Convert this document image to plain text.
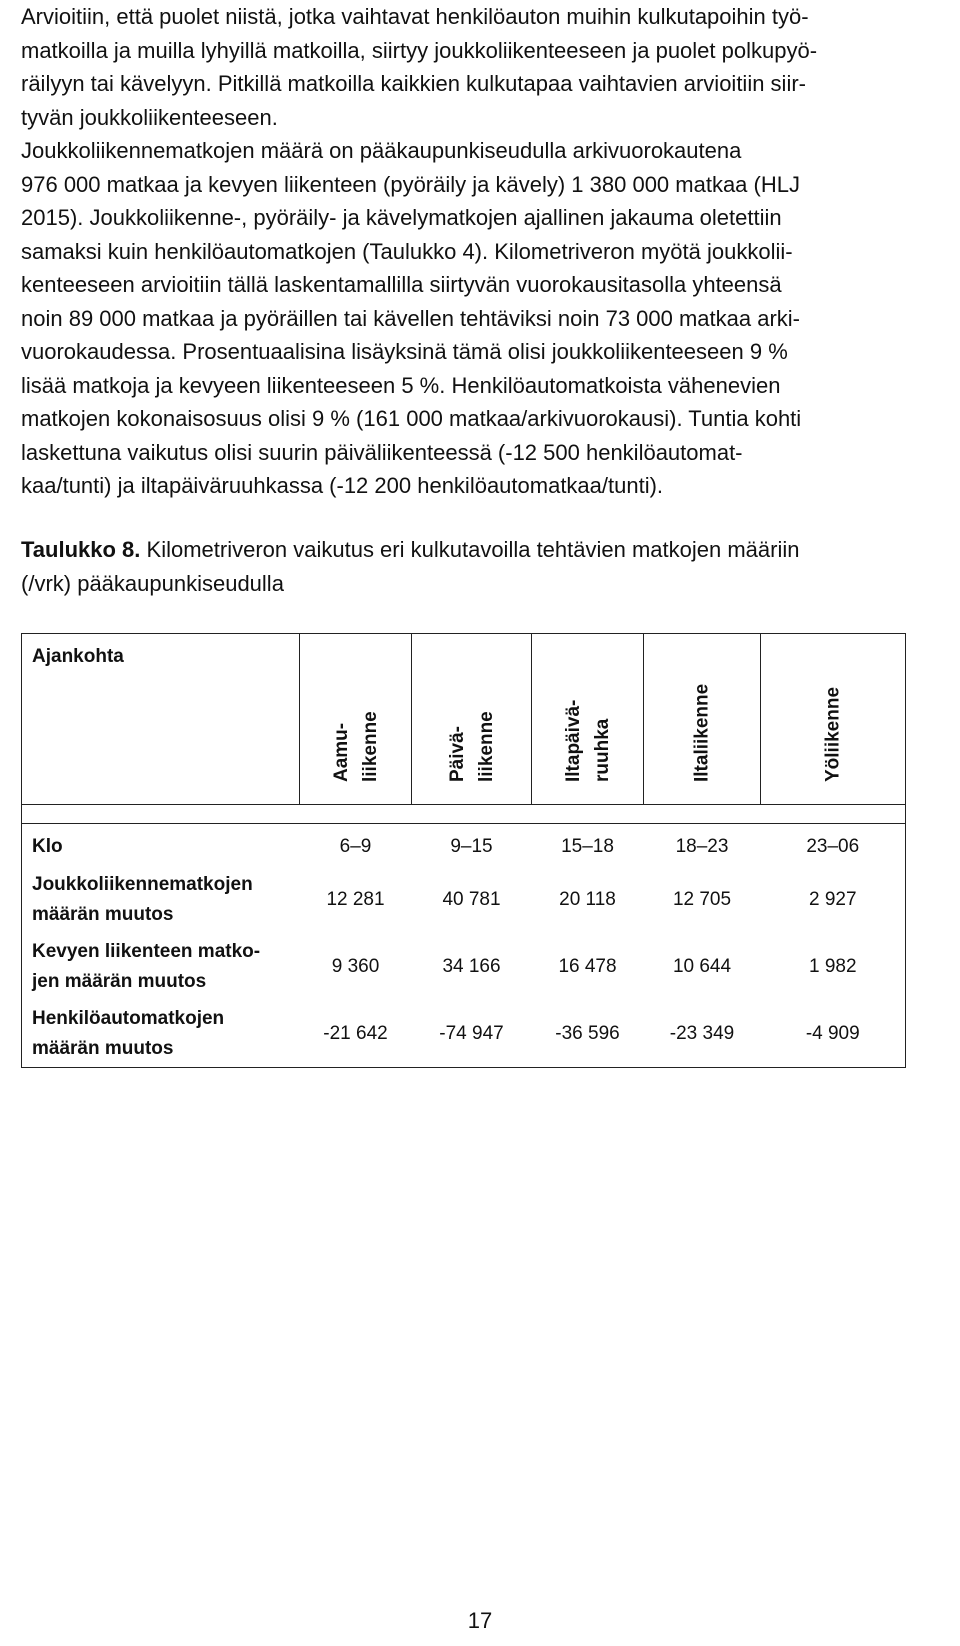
Arvioitiin, että puolet niistä, jotka vaihtavat henkilöauton muihin kulkutapoihin työ-
matkoilla ja muilla lyhyillä matkoilla, siirtyy joukkoliikenteeseen ja puolet polkupyö-
räilyyn tai kävelyyn. Pitkillä matkoilla kaikkien kulkutapaa vaihtavien arvioitiin siir-
tyvän joukkoliikenteeseen.

Joukkoliikennematkojen määrä on pääkaupunkiseudulla arkivuorokautena
976 000 matkaa ja kevyen liikenteen (pyöräily ja kävely) 1 380 000 matkaa (HLJ
2015). Joukkoliikenne-, pyöräily- ja kävelymatkojen ajallinen jakauma oletettiin
samaksi kuin henkilöautomatkojen (Taulukko 4). Kilometriveron myötä joukkolii-
kenteeseen arvioitiin tällä laskentamallilla siirtyvän vuorokausitasolla yhteensä
noin 89 000 matkaa ja pyöräillen tai kävellen tehtäviksi noin 73 000 matkaa arki-
vuorokaudessa. Prosentuaalisina lisäyksinä tämä olisi joukkoliikenteeseen 9 %
lisää matkoja ja kevyeen liikenteeseen 5 %. Henkilöautomatkoista vähenevien
matkojen kokonaisosuus olisi 9 % (161 000 matkaa/arkivuorokausi). Tuntia kohti
laskettuna vaikutus olisi suurin päiväliikenteessä (-12 500 henkilöautomat-
kaa/tunti) ja iltapäiväruuhkassa (-12 200 henkilöautomatkaa/tunti).

Taulukko 8. Kilometriveron vaikutus eri kulkutavoilla tehtävien matkojen määriin
(/vrk) pääkaupunkiseudulla

Ajankohta	Aamu- liikenne	Päivä- liikenne	Iltapäivä- ruuhka	Iltaliikenne	Yöliikenne

Klo	6–9	9–15	15–18	18–23	23–06
Joukkoliikennematkojen
määrän muutos	12 281	40 781	20 118	12 705	2 927
Kevyen liikenteen matko-
jen määrän muutos	9 360	34 166	16 478	10 644	1 982
Henkilöautomatkojen
määrän muutos	-21 642	-74 947	-36 596	-23 349	-4 909
17
